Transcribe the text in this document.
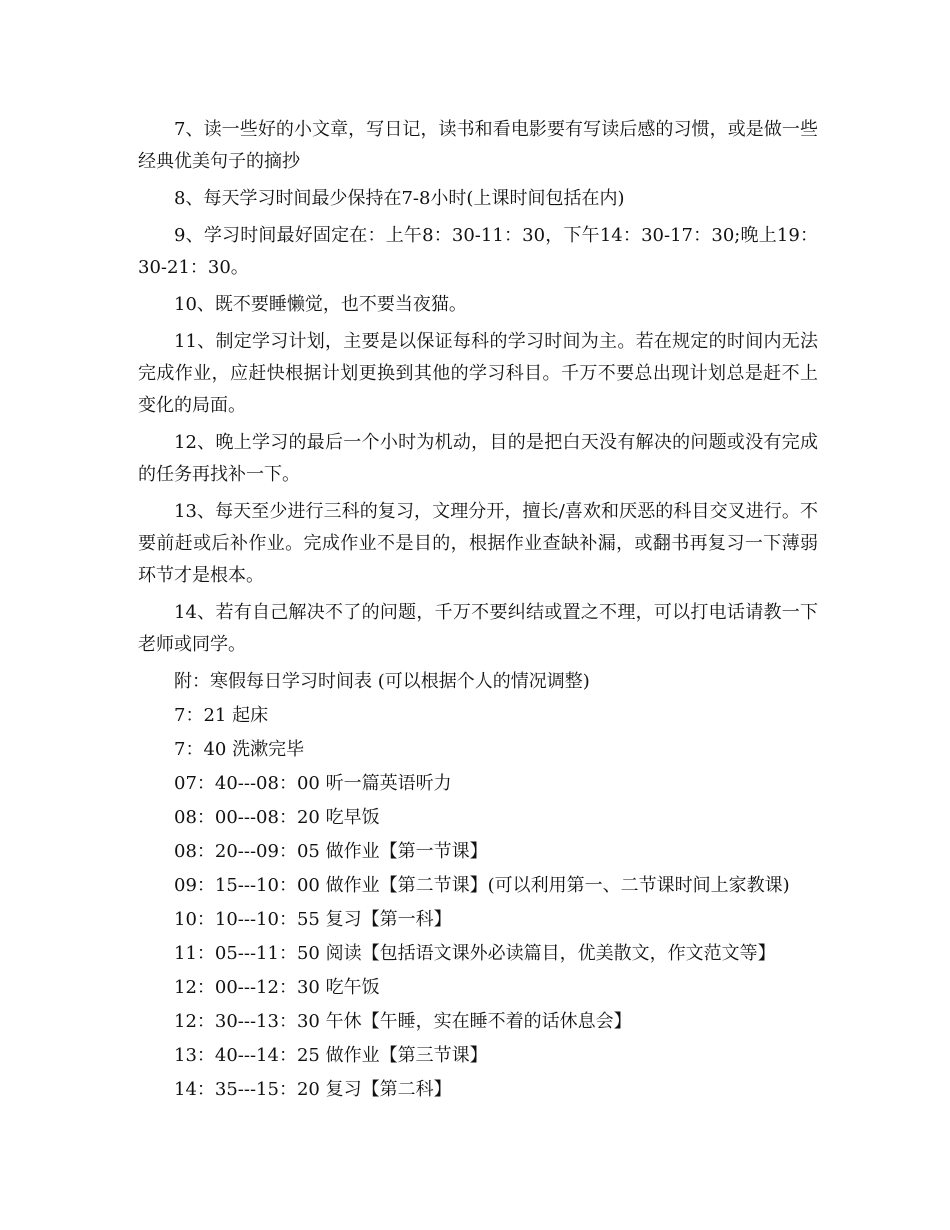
7、读一些好的小文章，写日记，读书和看电影要有写读后感的习惯，或是做一些经典优美句子的摘抄

8、每天学习时间最少保持在7-8小时(上课时间包括在内)

9、学习时间最好固定在：上午8：30-11：30，下午14：30-17：30;晚上19：30-21：30。

10、既不要睡懒觉，也不要当夜猫。

11、制定学习计划，主要是以保证每科的学习时间为主。若在规定的时间内无法完成作业，应赶快根据计划更换到其他的学习科目。千万不要总出现计划总是赶不上变化的局面。

12、晚上学习的最后一个小时为机动，目的是把白天没有解决的问题或没有完成的任务再找补一下。

13、每天至少进行三科的复习，文理分开，擅长/喜欢和厌恶的科目交叉进行。不要前赶或后补作业。完成作业不是目的，根据作业查缺补漏，或翻书再复习一下薄弱环节才是根本。

14、若有自己解决不了的问题，千万不要纠结或置之不理，可以打电话请教一下老师或同学。

附：寒假每日学习时间表 (可以根据个人的情况调整)

7：21 起床

7：40 洗漱完毕

07：40---08：00 听一篇英语听力

08：00---08：20 吃早饭

08：20---09：05 做作业【第一节课】

09：15---10：00 做作业【第二节课】(可以利用第一、二节课时间上家教课)

10：10---10：55 复习【第一科】

11：05---11：50 阅读【包括语文课外必读篇目，优美散文，作文范文等】

12：00---12：30 吃午饭

12：30---13：30 午休【午睡，实在睡不着的话休息会】

13：40---14：25 做作业【第三节课】

14：35---15：20 复习【第二科】
